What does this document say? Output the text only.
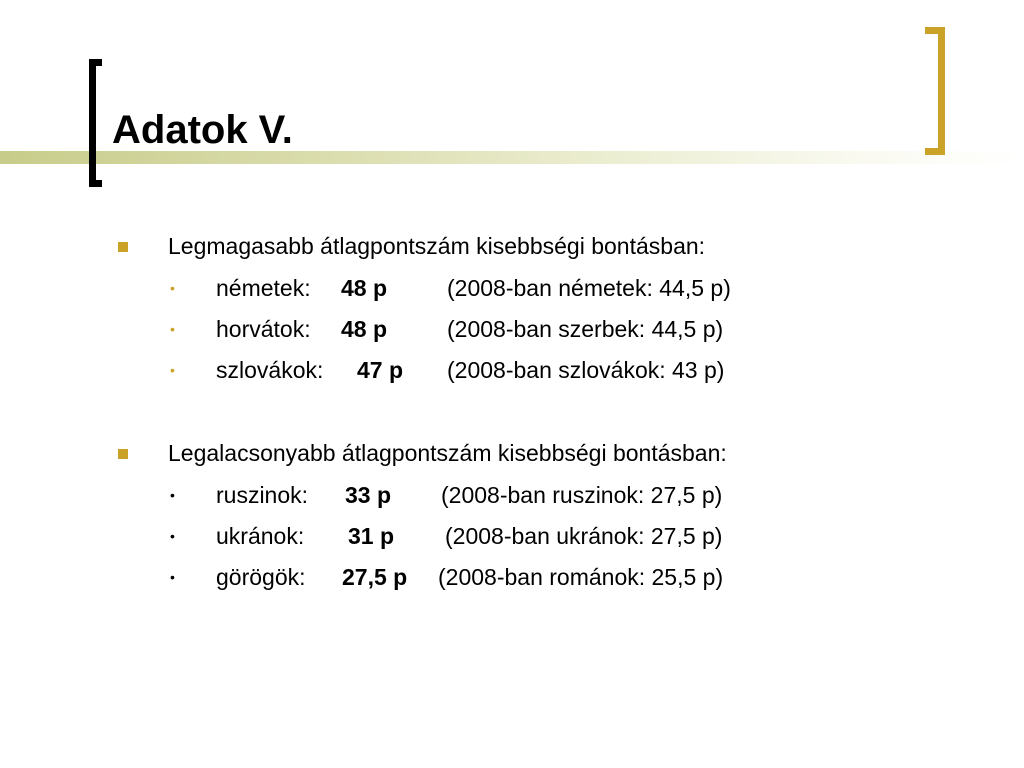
Adatok V.
Legmagasabb átlagpontszám kisebbségi bontásban:
• németek: 48 p	(2008-ban németek: 44,5 p)
• horvátok: 48 p	(2008-ban szerbek: 44,5 p)
• szlovákok: 47 p (2008-ban szlovákok: 43 p)
Legalacsonyabb átlagpontszám kisebbségi bontásban:
• ruszinok: 33 p (2008-ban ruszinok: 27,5 p)
• ukránok: 31 p (2008-ban ukránok: 27,5 p)
• görögök: 27,5 p (2008-ban románok: 25,5 p)
